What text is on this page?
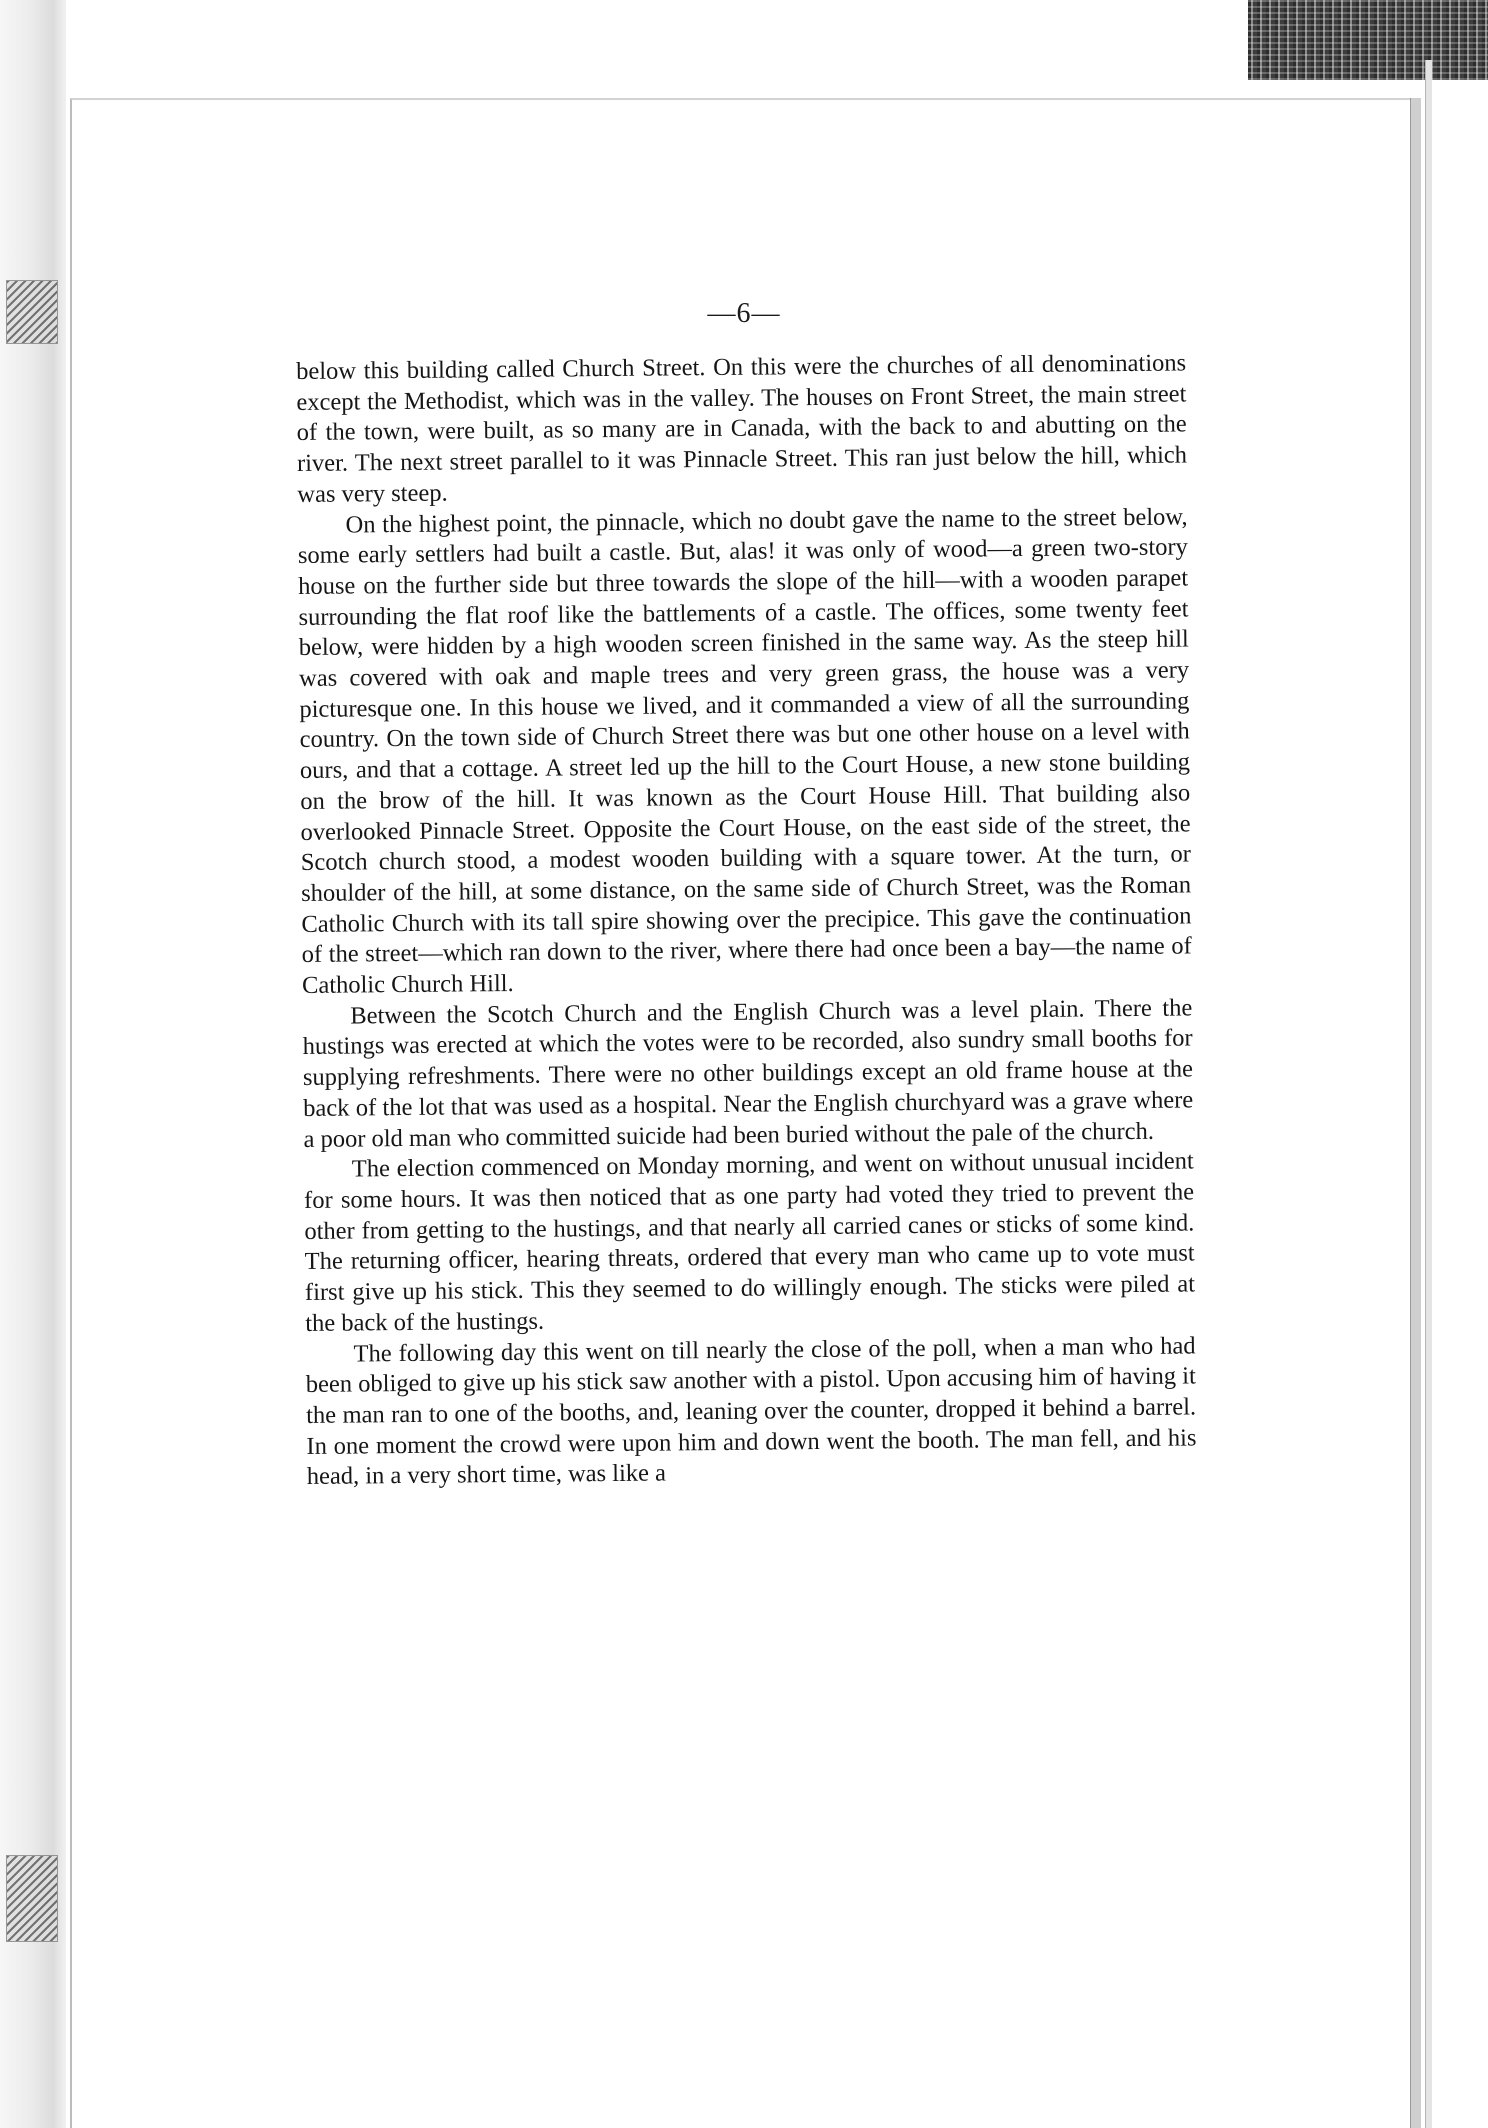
—6—

below this building called Church Street. On this were the churches of all denominations except the Methodist, which was in the valley. The houses on Front Street, the main street of the town, were built, as so many are in Canada, with the back to and abutting on the river. The next street parallel to it was Pinnacle Street. This ran just below the hill, which was very steep.

On the highest point, the pinnacle, which no doubt gave the name to the street below, some early settlers had built a castle. But, alas! it was only of wood—a green two-story house on the further side but three towards the slope of the hill—with a wooden parapet surrounding the flat roof like the battlements of a castle. The offices, some twenty feet below, were hidden by a high wooden screen finished in the same way. As the steep hill was covered with oak and maple trees and very green grass, the house was a very picturesque one. In this house we lived, and it commanded a view of all the surrounding country. On the town side of Church Street there was but one other house on a level with ours, and that a cottage. A street led up the hill to the Court House, a new stone building on the brow of the hill. It was known as the Court House Hill. That building also overlooked Pinnacle Street. Opposite the Court House, on the east side of the street, the Scotch church stood, a modest wooden building with a square tower. At the turn, or shoulder of the hill, at some distance, on the same side of Church Street, was the Roman Catholic Church with its tall spire showing over the precipice. This gave the continuation of the street—which ran down to the river, where there had once been a bay—the name of Catholic Church Hill.

Between the Scotch Church and the English Church was a level plain. There the hustings was erected at which the votes were to be recorded, also sundry small booths for supplying refreshments. There were no other buildings except an old frame house at the back of the lot that was used as a hospital. Near the English churchyard was a grave where a poor old man who committed suicide had been buried without the pale of the church.

The election commenced on Monday morning, and went on without unusual incident for some hours. It was then noticed that as one party had voted they tried to prevent the other from getting to the hustings, and that nearly all carried canes or sticks of some kind. The returning officer, hearing threats, ordered that every man who came up to vote must first give up his stick. This they seemed to do willingly enough. The sticks were piled at the back of the hustings.

The following day this went on till nearly the close of the poll, when a man who had been obliged to give up his stick saw another with a pistol. Upon accusing him of having it the man ran to one of the booths, and, leaning over the counter, dropped it behind a barrel. In one moment the crowd were upon him and down went the booth. The man fell, and his head, in a very short time, was like a
